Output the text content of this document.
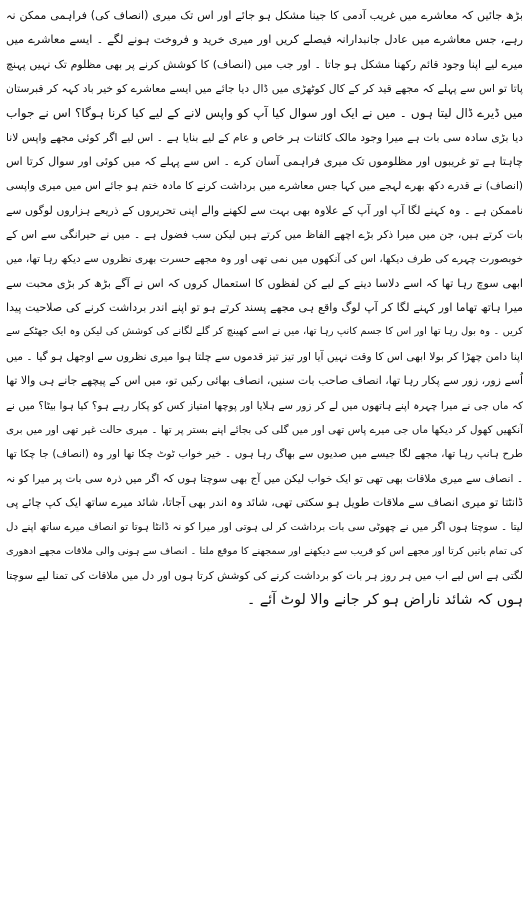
بڑھ جائیں کہ معاشرے میں غریب آدمی کا جینا مشکل ہو جائے اور اس تک میری (انصاف کی) فراہمی ممکن نہ
رہے، جس معاشرے میں عادل جانبدارانہ فیصلے کریں اور میری خرید و فروخت ہونے لگے ۔ ایسے معاشرے میں
میرے لیے اپنا وجود قائم رکھنا مشکل ہو جاتا ۔ اور جب میں (انصاف) کا کوشش کرنے پر بھی مظلوم تک نہیں پہنچ
پاتا تو اس سے پہلے کہ مجھے قید کر کے کال کوٹھڑی میں ڈال دیا جائے میں ایسے معاشرے کو خیر باد کہہ کر قبرستان
میں ڈیرے ڈال لیتا ہوں ۔ میں نے ایک اور سوال کیا آپ کو واپس لانے کے لیے کیا کرنا ہوگا؟ اس نے جواب
دیا بڑی سادہ سی بات ہے میرا وجود مالک کائنات ہر خاص و عام کے لیے بنایا ہے ۔ اس لیے اگر کوئی مجھے واپس لانا
چاہتا ہے تو غریبوں اور مظلوموں تک میری فراہمی آسان کرے ۔ اس سے پہلے کہ میں کوئی اور سوال کرتا اس
(انصاف) نے قدرے دکھ بھرے لہجے میں کہا جس معاشرے میں برداشت کرنے کا مادہ ختم ہو جائے اس میں میری واپسی
ناممکن ہے ۔ وہ کہنے لگا آپ اور آپ کے علاوہ بھی بہت سے لکھنے والے اپنی تحریروں کے ذریعے ہزاروں لوگوں سے
بات کرتے ہیں، جن میں میرا ذکر بڑے اچھے الفاظ میں کرتے ہیں لیکن سب فضول ہے ۔ میں نے حیرانگی سے اس کے
خوبصورت چہرے کی طرف دیکھا، اس کی آنکھوں میں نمی تھی اور وہ مجھے حسرت بھری نظروں سے دیکھ رہا تھا، میں
ابھی سوچ رہا تھا کہ اسے دلاسا دینے کے لیے کن لفظوں کا استعمال کروں کہ اس نے آگے بڑھ کر بڑی محبت سے
میرا ہاتھ تھاما اور کہنے لگا کر آپ لوگ واقع ہی مجھے پسند کرتے ہو تو اپنے اندر برداشت کرنے کی صلاحیت پیدا
کریں ۔ وہ بول رہا تھا اور اس کا جسم کانپ رہا تھا، میں نے اسے کھینچ کر گلے لگانے کی کوشش کی لیکن وہ ایک جھٹکے سے
اپنا دامن چھڑا کر بولا ابھی اس کا وقت نہیں آیا اور تیز تیز قدموں سے چلتا ہوا میری نظروں سے اوجھل ہو گیا ۔ میں
اُسے زور، زور سے پکار رہا تھا، انصاف صاحب بات سنیں، انصاف بھائی رکیں تو، میں اس کے پیچھے جانے ہی والا تھا
کہ ماں جی نے میرا چہرہ اپنے ہاتھوں میں لے کر زور سے ہلایا اور پوچھا امتیاز کس کو پکار رہے ہو؟ کیا ہوا بیٹا؟ میں نے
آنکھیں کھول کر دیکھا ماں جی میرے پاس تھی اور میں گلی کی بجائے اپنے بستر پر تھا ۔ میری حالت غیر تھی اور میں بری
طرح ہانپ رہا تھا، مجھے لگا جیسے میں صدیوں سے بھاگ رہا ہوں ۔ خیر خواب ٹوٹ چکا تھا اور وہ (انصاف) جا چکا تھا
۔ انصاف سے میری ملاقات بھی تھی تو ایک خواب لیکن میں آج بھی سوچتا ہوں کہ اگر میں ذرہ سی بات پر میرا کو نہ
ڈانٹتا تو میری انصاف سے ملاقات طویل ہو سکتی تھی، شائد وہ اندر بھی آجاتا، شائد میرے ساتھ ایک کپ چائے پی
لیتا ۔ سوچتا ہوں اگر میں نے چھوٹی سی بات برداشت کر لی ہوتی اور میرا کو نہ ڈانٹا ہوتا تو انصاف میرے ساتھ اپنے دل
کی تمام باتیں کرتا اور مجھے اس کو قریب سے دیکھنے اور سمجھنے کا موقع ملتا ۔ انصاف سے ہونی والی ملاقات مجھے ادھوری
لگتی ہے اس لیے اب میں ہر روز ہر بات کو برداشت کرنے کی کوشش کرتا ہوں اور دل میں ملاقات کی تمنا لیے سوچتا
ہوں کہ شائد ناراض ہو کر جانے والا لوٹ آئے ۔
